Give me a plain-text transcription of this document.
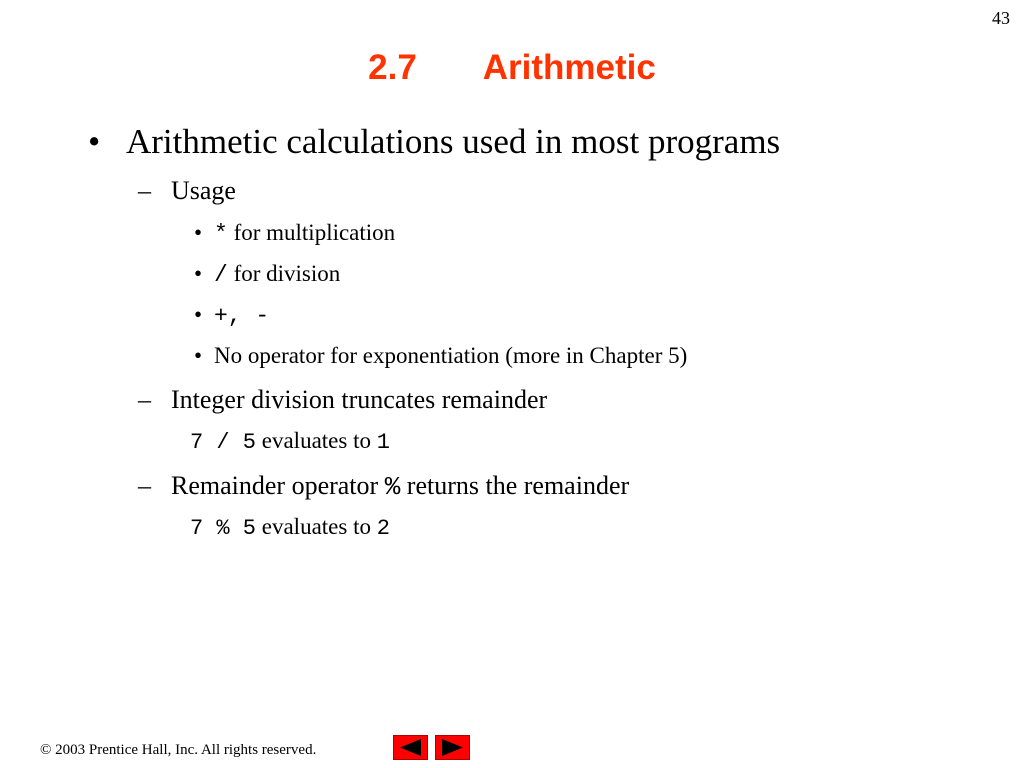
43
2.7 Arithmetic
• Arithmetic calculations used in most programs
– Usage
• * for multiplication
• / for division
• +, -
• No operator for exponentiation (more in Chapter 5)
– Integer division truncates remainder
7 / 5 evaluates to 1
– Remainder operator % returns the remainder
7 % 5 evaluates to 2
© 2003 Prentice Hall, Inc. All rights reserved.
